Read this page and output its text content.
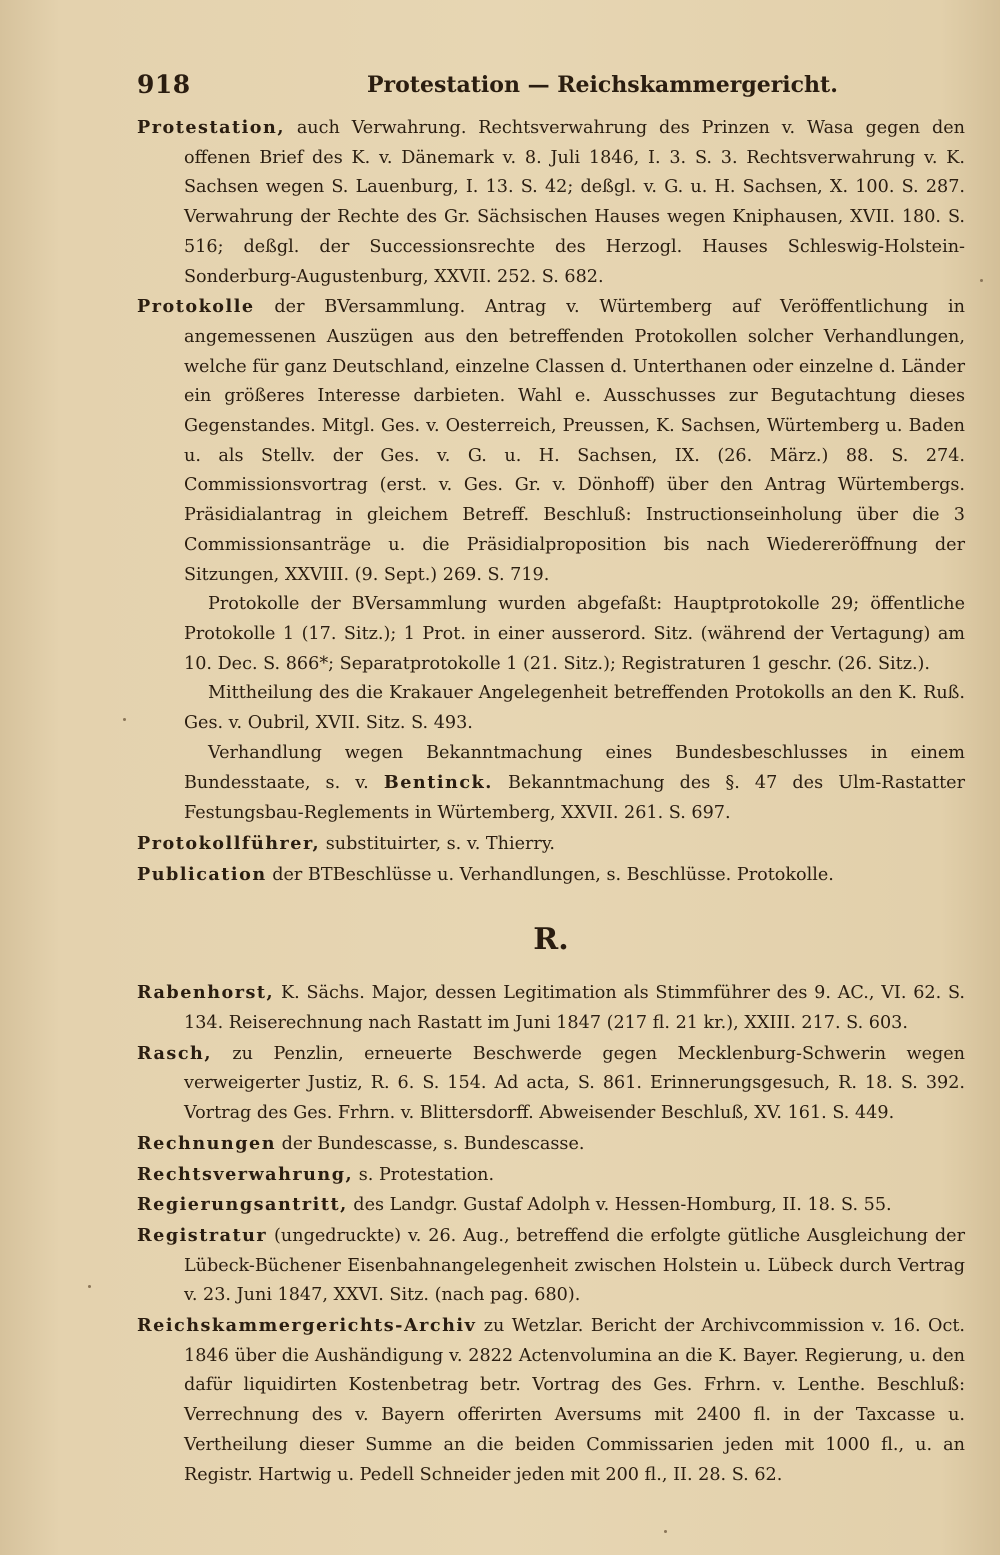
918	Protestation — Reichskammergericht.

Protestation, auch Verwahrung. Rechtsverwahrung des Prinzen v. Wasa gegen den offenen Brief des K. v. Dänemark v. 8. Juli 1846, I. 3. S. 3. Rechtsverwahrung v. K. Sachsen wegen S. Lauenburg, I. 13. S. 42; deßgl. v. G. u. H. Sachsen, X. 100. S. 287. Verwahrung der Rechte des Gr. Sächsischen Hauses wegen Kniphausen, XVII. 180. S. 516; deßgl. der Successionsrechte des Herzogl. Hauses Schleswig-Holstein-Sonderburg-Augustenburg, XXVII. 252. S. 682.

Protokolle der BVersammlung. Antrag v. Würtemberg auf Veröffentlichung in angemessenen Auszügen aus den betreffenden Protokollen solcher Verhandlungen, welche für ganz Deutschland, einzelne Classen d. Unterthanen oder einzelne d. Länder ein größeres Interesse darbieten. Wahl e. Ausschusses zur Begutachtung dieses Gegenstandes. Mitgl. Ges. v. Oesterreich, Preussen, K. Sachsen, Würtemberg u. Baden u. als Stellv. der Ges. v. G. u. H. Sachsen, IX. (26. März.) 88. S. 274. Commissionsvortrag (erst. v. Ges. Gr. v. Dönhoff) über den Antrag Würtembergs. Präsidialantrag in gleichem Betreff. Beschluß: Instructionseinholung über die 3 Commissionsanträge u. die Präsidialproposition bis nach Wiedereröffnung der Sitzungen, XXVIII. (9. Sept.) 269. S. 719.

Protokolle der BVersammlung wurden abgefaßt: Hauptprotokolle 29; öffentliche Protokolle 1 (17. Sitz.); 1 Prot. in einer ausserord. Sitz. (während der Vertagung) am 10. Dec. S. 866*; Separatprotokolle 1 (21. Sitz.); Registraturen 1 geschr. (26. Sitz.).

Mittheilung des die Krakauer Angelegenheit betreffenden Protokolls an den K. Ruß. Ges. v. Oubril, XVII. Sitz. S. 493.

Verhandlung wegen Bekanntmachung eines Bundesbeschlusses in einem Bundesstaate, s. v. Bentinck. Bekanntmachung des §. 47 des Ulm-Rastatter Festungsbau-Reglements in Würtemberg, XXVII. 261. S. 697.

Protokollführer, substituirter, s. v. Thierry.

Publication der BTBeschlüsse u. Verhandlungen, s. Beschlüsse. Protokolle.

R.

Rabenhorst, K. Sächs. Major, dessen Legitimation als Stimmführer des 9. AC., VI. 62. S. 134. Reiserechnung nach Rastatt im Juni 1847 (217 fl. 21 kr.), XXIII. 217. S. 603.

Rasch, zu Penzlin, erneuerte Beschwerde gegen Mecklenburg-Schwerin wegen verweigerter Justiz, R. 6. S. 154. Ad acta, S. 861. Erinnerungsgesuch, R. 18. S. 392. Vortrag des Ges. Frhrn. v. Blittersdorff. Abweisender Beschluß, XV. 161. S. 449.

Rechnungen der Bundescasse, s. Bundescasse.

Rechtsverwahrung, s. Protestation.

Regierungsantritt, des Landgr. Gustaf Adolph v. Hessen-Homburg, II. 18. S. 55.

Registratur (ungedruckte) v. 26. Aug., betreffend die erfolgte gütliche Ausgleichung der Lübeck-Büchener Eisenbahnangelegenheit zwischen Holstein u. Lübeck durch Vertrag v. 23. Juni 1847, XXVI. Sitz. (nach pag. 680).

Reichskammergerichts-Archiv zu Wetzlar. Bericht der Archivcommission v. 16. Oct. 1846 über die Aushändigung v. 2822 Actenvolumina an die K. Bayer. Regierung, u. den dafür liquidirten Kostenbetrag betr. Vortrag des Ges. Frhrn. v. Lenthe. Beschluß: Verrechnung des v. Bayern offerirten Aversums mit 2400 fl. in der Taxcasse u. Vertheilung dieser Summe an die beiden Commissarien jeden mit 1000 fl., u. an Registr. Hartwig u. Pedell Schneider jeden mit 200 fl., II. 28. S. 62.
